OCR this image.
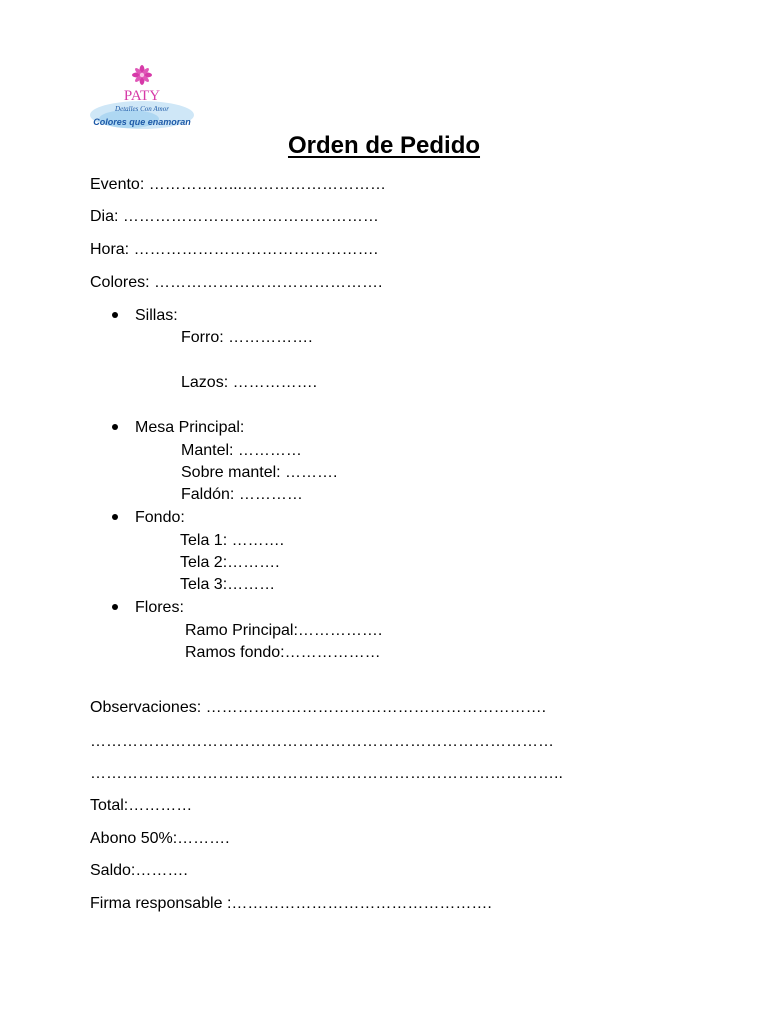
PATY
Detalles Con Amor
Colores que enamoran
Orden de Pedido
Evento: ……………...………………………
Dia: …………………………………………
Hora: ……………………………………….
Colores: …………………………………….
Sillas:
Forro: …………….
Lazos: …………….
Mesa Principal:
Mantel: …………
Sobre mantel: ……….
Faldón: …………
Fondo:
Tela 1: ……….
Tela 2:……….
Tela 3:………
Flores:
Ramo Principal:…………….
Ramos fondo:………………
Observaciones: ……………………………………………………….
……………………………………………………………………………
……………………………………………………………………………..
Total:…………
Abono 50%:……….
Saldo:……….
Firma responsable :………………………………………….
